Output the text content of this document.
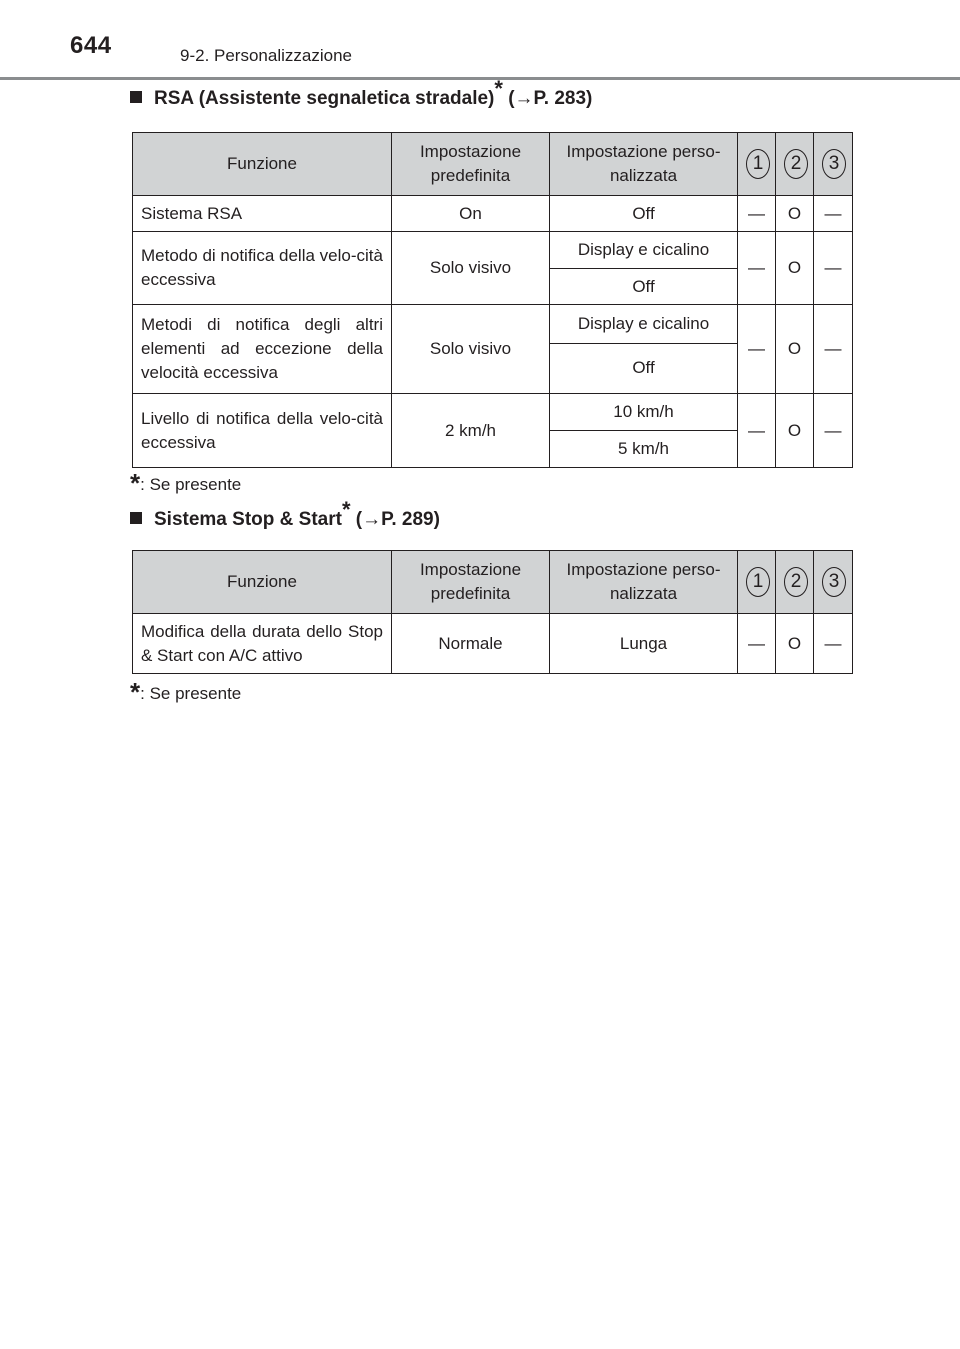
644	9-2. Personalizzazione
RSA (Assistente segnaletica stradale)* (→P. 283)
Funzione	Impostazione predefinita	Impostazione perso-nalizzata	1	2	3
Sistema RSA	On	Off	—	O	—
Metodo di notifica della velo-cità eccessiva	Solo visivo	Display e cicalino	—	O	—
		Off			
Metodi di notifica degli altri elementi ad eccezione della velocità eccessiva	Solo visivo	Display e cicalino	—	O	—
		Off			
Livello di notifica della velo-cità eccessiva	2 km/h	10 km/h	—	O	—
		5 km/h			
*: Se presente
Sistema Stop & Start* (→P. 289)
Funzione	Impostazione predefinita	Impostazione perso-nalizzata	1	2	3
Modifica della durata dello Stop & Start con A/C attivo	Normale	Lunga	—	O	—
*: Se presente
